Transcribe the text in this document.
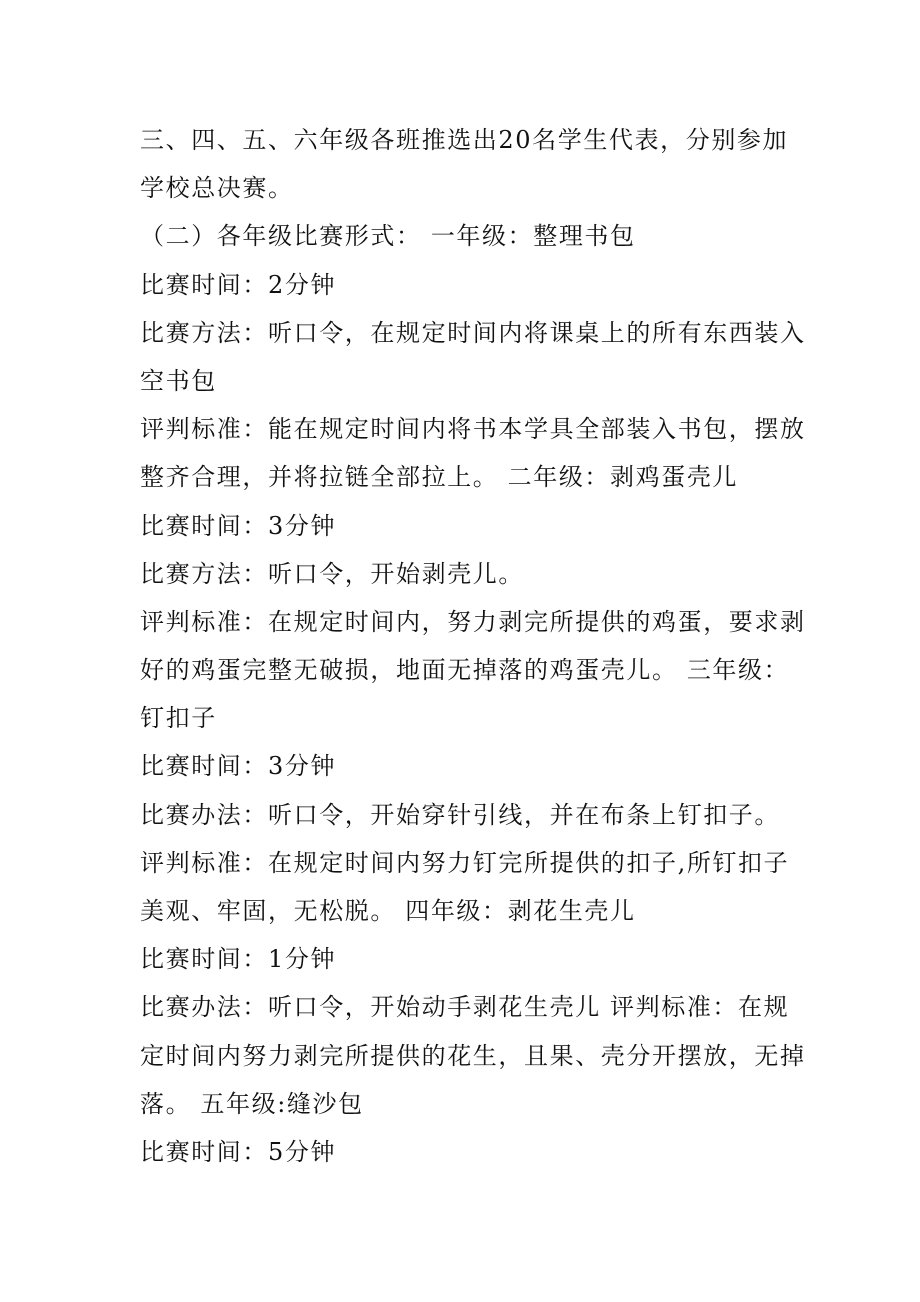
三、四、五、六年级各班推选出20名学生代表，分别参加
学校总决赛。
（二）各年级比赛形式： 一年级：整理书包
比赛时间：2分钟
比赛方法：听口令，在规定时间内将课桌上的所有东西装入
空书包
评判标准：能在规定时间内将书本学具全部装入书包，摆放
整齐合理，并将拉链全部拉上。 二年级：剥鸡蛋壳儿
比赛时间：3分钟
比赛方法：听口令，开始剥壳儿。
评判标准：在规定时间内，努力剥完所提供的鸡蛋，要求剥
好的鸡蛋完整无破损，地面无掉落的鸡蛋壳儿。 三年级：
钉扣子
比赛时间：3分钟
比赛办法：听口令，开始穿针引线，并在布条上钉扣子。
评判标准：在规定时间内努力钉完所提供的扣子,所钉扣子
美观、牢固，无松脱。 四年级：剥花生壳儿
比赛时间：1分钟
比赛办法：听口令，开始动手剥花生壳儿 评判标准：在规
定时间内努力剥完所提供的花生，且果、壳分开摆放，无掉
落。 五年级:缝沙包
比赛时间：5分钟
